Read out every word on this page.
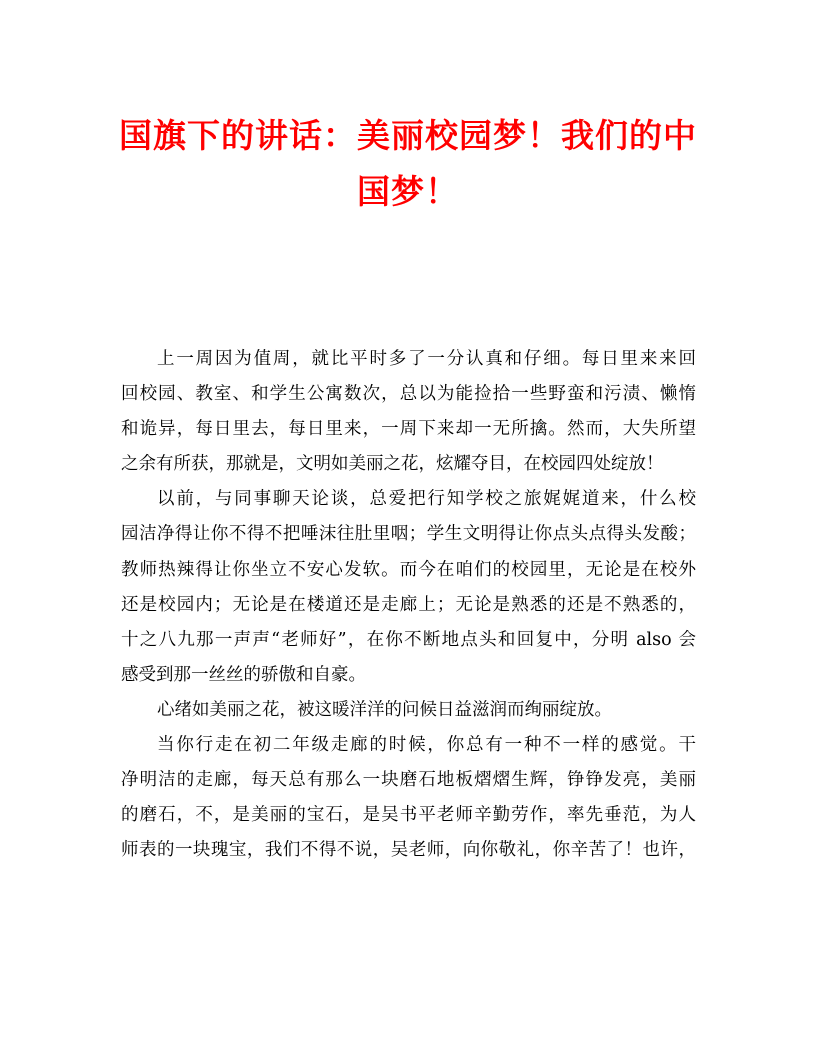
国旗下的讲话：美丽校园梦！我们的中
国梦！
上一周因为值周，就比平时多了一分认真和仔细。每日里来来回
回校园、教室、和学生公寓数次，总以为能捡拾一些野蛮和污渍、懒惰
和诡异，每日里去，每日里来，一周下来却一无所擒。然而，大失所望
之余有所获，那就是，文明如美丽之花，炫耀夺目，在校园四处绽放！
以前，与同事聊天论谈，总爱把行知学校之旅娓娓道来，什么校
园洁净得让你不得不把唾沫往肚里咽；学生文明得让你点头点得头发酸；
教师热辣得让你坐立不安心发软。而今在咱们的校园里，无论是在校外
还是校园内；无论是在楼道还是走廊上；无论是熟悉的还是不熟悉的，
十之八九那一声声“老师好”，在你不断地点头和回复中，分明 also 会
感受到那一丝丝的骄傲和自豪。
心绪如美丽之花，被这暖洋洋的问候日益滋润而绚丽绽放。
当你行走在初二年级走廊的时候，你总有一种不一样的感觉。干
净明洁的走廊，每天总有那么一块磨石地板熠熠生辉，铮铮发亮，美丽
的磨石，不，是美丽的宝石，是吴书平老师辛勤劳作，率先垂范，为人
师表的一块瑰宝，我们不得不说，吴老师，向你敬礼，你辛苦了！也许，
